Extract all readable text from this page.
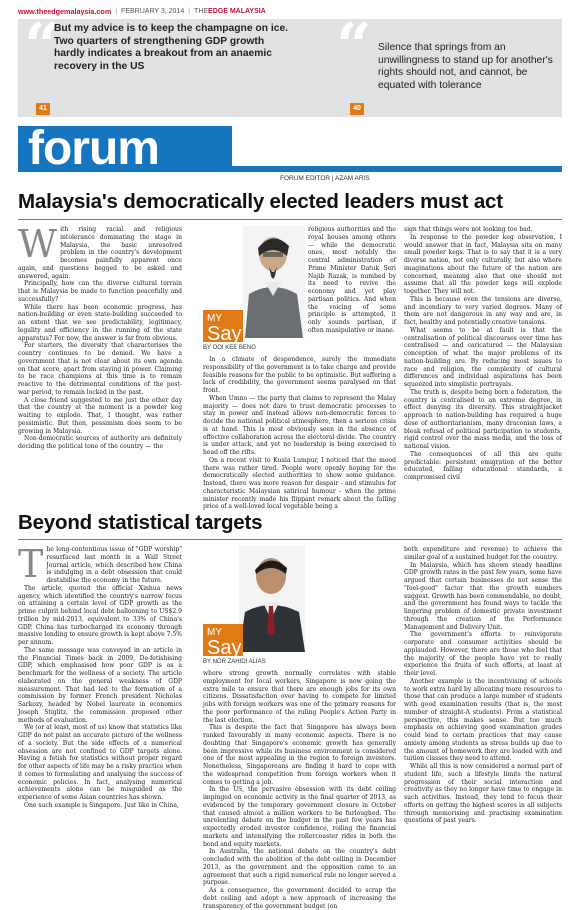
www.theedgemalaysia.com | FEBRUARY 3, 2014 | THEEDGE MALAYSIA
“

But my advice is to keep the champagne on ice. Two quarters of strengthening GDP growth hardly indicates a breakout from an anaemic recovery in the US

41
“ Silence that springs from an unwillingness to stand up for another's rights should not, and cannot, be equated with tolerance

40
forum
FORUM EDITOR | AZAM ARIS
Malaysia's democratically elected leaders must act

With rising racial and religious intolerance dominating the stage in Malaysia, the basic unresolved problem in the country's development becomes painfully apparent once again, and questions begged to be asked and answered, again.

Principally, how can the diverse cultural terrain that is Malaysia be made to function peacefully and successfully?

While there has been economic progress, has nation-building or even state-building succeeded to an extent that we see predictability, legitimacy, legality and efficiency in the running of the state apparatus? For now, the answer is far from obvious.

For starters, the diversity that characterises the country continues to be denied. We have a government that is not clear about its own agenda on that score, apart from staying in power. Claiming to be race champions at this time is to remain reactive to the detrimental conditions of the post-war period, to remain locked in the past.

A close friend suggested to me just the other day that the country at the moment is a powder keg waiting to explode. That, I thought, was rather pessimistic. But then, pessimism does seem to be growing in Malaysia.

Non-democratic sources of authority are definitely deciding the political tone of the country — the

MY
Say
BY OOI KEE BENG

religious authorities and the royal houses among others — while the democratic ones, most notably the central administration of Prime Minister Datuk Seri Najib Razak, is numbed by its need to revive the economy and yet play partisan politics. And when the voicing of some principle is attempted, it only sounds partisan, if often manipulative or inane.

In a climate of despondence, surely the immediate responsibility of the government is to take charge and provide feasible reasons for the public to be optimistic. But suffering a lack of credibility, the government seems paralysed on that front.

When Umno — the party that claims to represent the Malay majority — does not dare to trust democratic processes to stay in power and instead allows non-democratic forces to decide the national political atmosphere, then a serious crisis is at hand. This is most obviously seen in the absence of effective collaboration across the electoral divide. The country is under attack, and yet no leadership is being exercised to head off the rifts.

On a recent visit to Kuala Lumpur, I noticed that the mood there was rather tired. People were openly hoping for the democratically elected authorities to show some guidance. Instead, there was more reason for despair - and stimulus for characteristic Malaysian satirical humour - when the prime minister recently made his flippant remark about the falling price of a well-loved local vegetable being a

sign that things were not looking too bad.

In response to the powder keg observation, I would answer that in fact, Malaysia sits on many small powder kegs. That is to say that it is a very diverse nation, not only culturally, but also where imaginations about the future of the nation are concerned, meaning also that one should not assume that all the powder kegs will explode together. They will not.

This is because even the tensions are diverse, and incendiary to very varied degrees. Many of them are not dangerous in any way and are, in fact, healthy and potentially creative tensions.

What seems to be at fault is that the centralisation of political discourses over time has centralised — and caricatured — the Malaysian conception of what the major problems of its nation-building are. By reducing most issues to race and religion, the complexity of cultural differences and individual aspirations has been squeezed into simplistic portrayals.

The truth is, despite being born a federation, the country is centralised to an extreme degree, in effect denying its diversity. This straightjacket approach to nation-building has required a huge dose of authoritarianism, many draconian laws, a bleak refusal of political participation to students, rigid control over the mass media, and the loss of national vision.

The consequences of all this are quite predictable: persistent emigration of the better educated, falling educational standards, a compromised civil

Beyond statistical targets

The long-contentious issue of "GDP worship" resurfaced last month in a Wall Street Journal article, which described how China is indulging in a debt obsession that could destabilise the economy in the future.

The article, quoted the official Xinhua news agency, which identified the country's narrow focus on attaining a certain level of GDP growth as the prime culprit behind local debt ballooning to US$2.9 trillion by mid-2013, equivalent to 33% of China's GDP. China has turbocharged its economy through massive lending to ensure growth is kept above 7.5% per annum.

The same message was conveyed in an article in the Financial Times back in 2009, De-fetishising GDP, which emphasised how poor GDP is as a benchmark for the wellness of a society. The article elaborated on the general weakness of GDP measurement. That had led to the formation of a commission by former French president Nicholas Sarkozy, headed by Nobel laureate in economics Joseph Stiglitz, the commission proposed other methods of evaluation.

We (or at least, most of us) know that statistics like GDP do not paint an accurate picture of the wellness of a society. But the side effects of a numerical obsession are not confined to GDP targets alone. Having a fetish for statistics without proper regard for other aspects of life may be a risky practice when it comes to formulating and analysing the success of economic policies. In fact, analysing numerical achievements alone can be misguided as the experience of some Asian countries has shown.

One such example is Singapore. Just like in China,

MY
Say
BY NOR ZAHIDI ALIAS

where strong growth normally correlates with stable employment for local workers, Singapore is now going the extra mile to ensure that there are enough jobs for its own citizens. Dissatisfaction over having to compete for limited jobs with foreign workers was one of the primary reasons for the poor performance of the ruling People's Action Party in the last election.

This is despite the fact that Singapore has always been ranked favourably in many economic aspects. There is no doubting that Singapore's economic growth has generally been impressive while its business environment is considered one of the most appealing in the region to foreign investors. Nonetheless, Singaporeans are finding it hard to cope with the widespread competition from foreign workers when it comes to getting a job.

In the US, the pervasive obsession with its debt ceiling impinged on economic activity in the final quarter of 2013, as evidenced by the temporary government closure in October that caused almost a million workers to be furloughed. The unrelenting debate on the budget in the past few years has expectedly eroded investor confidence, roiling the financial markets and intensifying the rollercoaster rides in both the bond and equity markets.

In Australia, the national debate on the country's debt concluded with the abolition of the debt ceiling in December 2013, as the government and the opposition came to an agreement that such a rigid numerical rule no longer served a purpose.

As a consequence, the government decided to scrap the debt ceiling and adopt a new approach of increasing the transparency of the government budget (on

both expenditure and revenue) to achieve the similar goal of a sustained budget for the country.

In Malaysia, which has shown steady headline GDP growth rates in the past few years, some have argued that certain businesses do not sense the "feel-good" factor that the growth numbers suggest. Growth has been commendable, no doubt, and the government has found ways to tackle the lingering problem of domestic private investment through the creation of the Performance Management and Delivery Unit.

The government's efforts to reinvigorate corporate and consumer activities should be applauded. However, there are those who feel that the majority of the people have yet to really experience the fruits of such efforts, at least at their level.

Another example is the incentivising of schools to work extra hard by allocating more resources to those that can produce a large number of students with good examination results (that is, the most number of straight-A students). From a statistical perspective, this makes sense. But too much emphasis on achieving good examination grades could lead to certain practices that may cause anxiety among students as stress builds up due to the amount of homework they are loaded with and tuition classes they need to attend.

While all this is now considered a normal part of student life, such a lifestyle limits the natural progression of their social interaction and creativity as they no longer have time to engage in such activities. Instead, they tend to focus their efforts on getting the highest scores in all subjects through memorising and practising examination questions of past years.
